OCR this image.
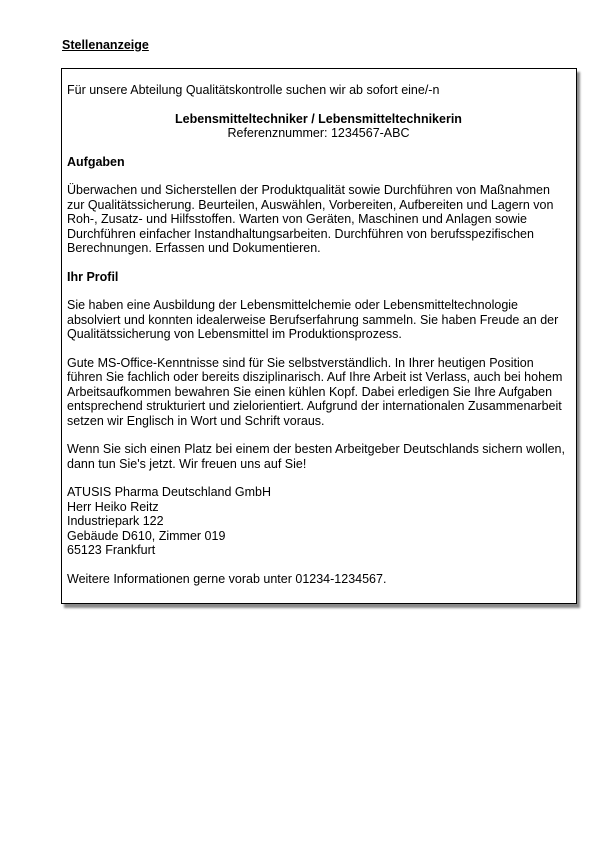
Stellenanzeige

Für unsere Abteilung Qualitätskontrolle suchen wir ab sofort eine/-n

Lebensmitteltechniker / Lebensmitteltechnikerin

Referenznummer: 1234567-ABC

Aufgaben

Überwachen und Sicherstellen der Produktqualität sowie Durchführen von Maßnahmen zur Qualitätssicherung. Beurteilen, Auswählen, Vorbereiten, Aufbereiten und Lagern von Roh-, Zusatz- und Hilfsstoffen. Warten von Geräten, Maschinen und Anlagen sowie Durchführen einfacher Instandhaltungsarbeiten. Durchführen von berufsspezifischen Berechnungen. Erfassen und Dokumentieren.

Ihr Profil

Sie haben eine Ausbildung der Lebensmittelchemie oder Lebensmitteltechnologie absolviert und konnten idealerweise Berufserfahrung sammeln. Sie haben Freude an der Qualitätssicherung von Lebensmittel im Produktionsprozess.

Gute MS-Office-Kenntnisse sind für Sie selbstverständlich. In Ihrer heutigen Position führen Sie fachlich oder bereits disziplinarisch. Auf Ihre Arbeit ist Verlass, auch bei hohem Arbeitsaufkommen bewahren Sie einen kühlen Kopf. Dabei erledigen Sie Ihre Aufgaben entsprechend strukturiert und zielorientiert. Aufgrund der internationalen Zusammenarbeit setzen wir Englisch in Wort und Schrift voraus.

Wenn Sie sich einen Platz bei einem der besten Arbeitgeber Deutschlands sichern wollen, dann tun Sie's jetzt. Wir freuen uns auf Sie!

ATUSIS Pharma Deutschland GmbH

Herr Heiko Reitz

Industriepark 122

Gebäude D610, Zimmer 019

65123 Frankfurt

Weitere Informationen gerne vorab unter 01234-1234567.
